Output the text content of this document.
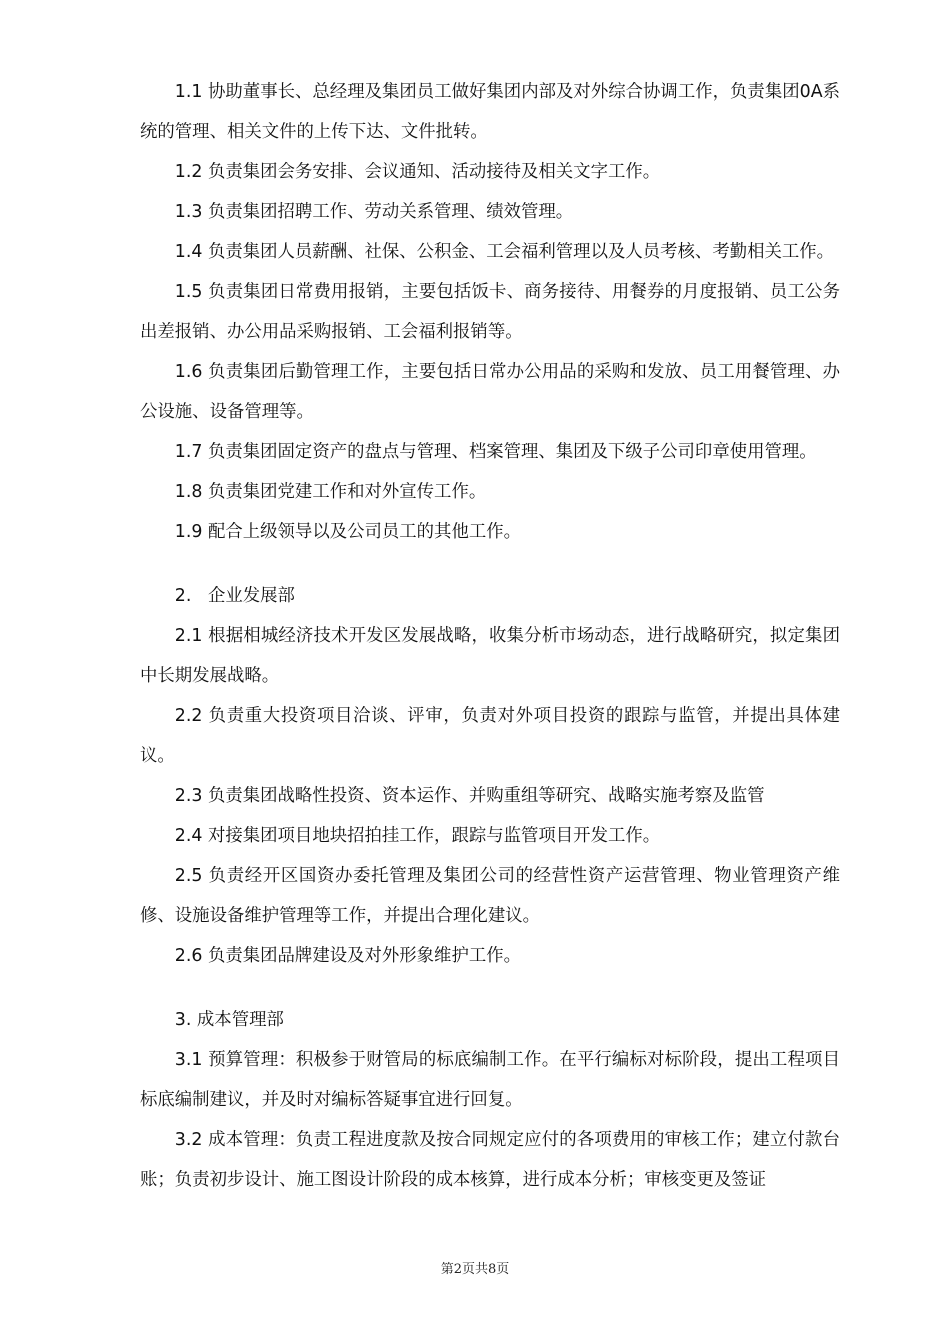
1.1 协助董事长、总经理及集团员工做好集团内部及对外综合协调工作，负责集团0A系统的管理、相关文件的上传下达、文件批转。

1.2 负责集团会务安排、会议通知、活动接待及相关文字工作。

1.3 负责集团招聘工作、劳动关系管理、绩效管理。

1.4 负责集团人员薪酬、社保、公积金、工会福利管理以及人员考核、考勤相关工作。

1.5 负责集团日常费用报销，主要包括饭卡、商务接待、用餐券的月度报销、员工公务出差报销、办公用品采购报销、工会福利报销等。

1.6 负责集团后勤管理工作，主要包括日常办公用品的采购和发放、员工用餐管理、办公设施、设备管理等。

1.7 负责集团固定资产的盘点与管理、档案管理、集团及下级子公司印章使用管理。

1.8 负责集团党建工作和对外宣传工作。

1.9 配合上级领导以及公司员工的其他工作。

2.   企业发展部

2.1 根据相城经济技术开发区发展战略，收集分析市场动态，进行战略研究，拟定集团中长期发展战略。

2.2 负责重大投资项目洽谈、评审，负责对外项目投资的跟踪与监管，并提出具体建议。

2.3 负责集团战略性投资、资本运作、并购重组等研究、战略实施考察及监管

2.4 对接集团项目地块招拍挂工作，跟踪与监管项目开发工作。

2.5 负责经开区国资办委托管理及集团公司的经营性资产运营管理、物业管理资产维修、设施设备维护管理等工作，并提出合理化建议。

2.6 负责集团品牌建设及对外形象维护工作。

3. 成本管理部

3.1 预算管理：积极参于财管局的标底编制工作。在平行编标对标阶段，提出工程项目标底编制建议，并及时对编标答疑事宜进行回复。

3.2 成本管理：负责工程进度款及按合同规定应付的各项费用的审核工作；建立付款台账；负责初步设计、施工图设计阶段的成本核算，进行成本分析；审核变更及签证

第2页共8页
